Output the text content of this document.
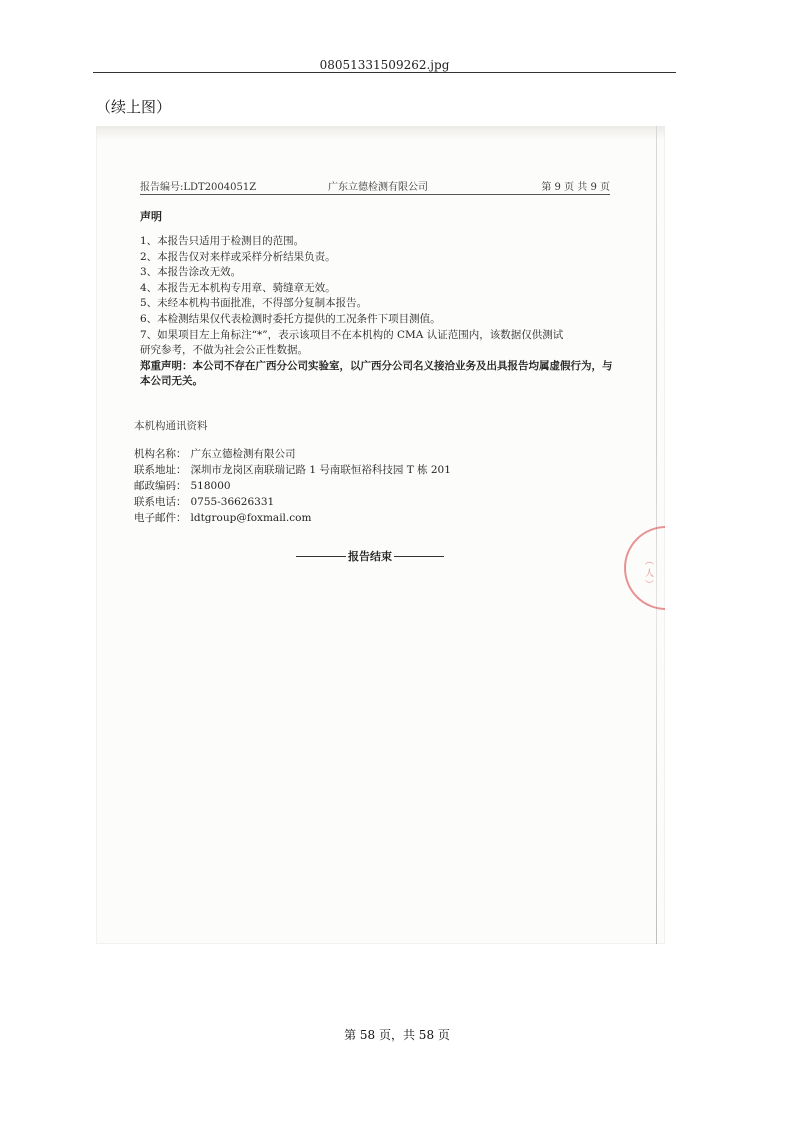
08051331509262.jpg
（续上图）
报告编号:LDT2004051Z	广东立德检测有限公司	第 9 页 共 9 页
声明
1、本报告只适用于检测目的范围。
2、本报告仅对来样或采样分析结果负责。
3、本报告涂改无效。
4、本报告无本机构专用章、骑缝章无效。
5、未经本机构书面批准，不得部分复制本报告。
6、本检测结果仅代表检测时委托方提供的工况条件下项目测值。
7、如果项目左上角标注“*”，表示该项目不在本机构的 CMA 认证范围内，该数据仅供测试
研究参考，不做为社会公正性数据。
郑重声明：本公司不存在广西分公司实验室，以广西分公司名义接洽业务及出具报告均属虚假行为，与本公司无关。
本机构通讯资料
机构名称： 广东立德检测有限公司
联系地址： 深圳市龙岗区南联瑞记路 1 号南联恒裕科技园 T 栋 201
邮政编码： 518000
联系电话： 0755-36626331
电子邮件： ldtgroup@foxmail.com
报告结束	（ 人 ）
第 58 页，共 58 页
